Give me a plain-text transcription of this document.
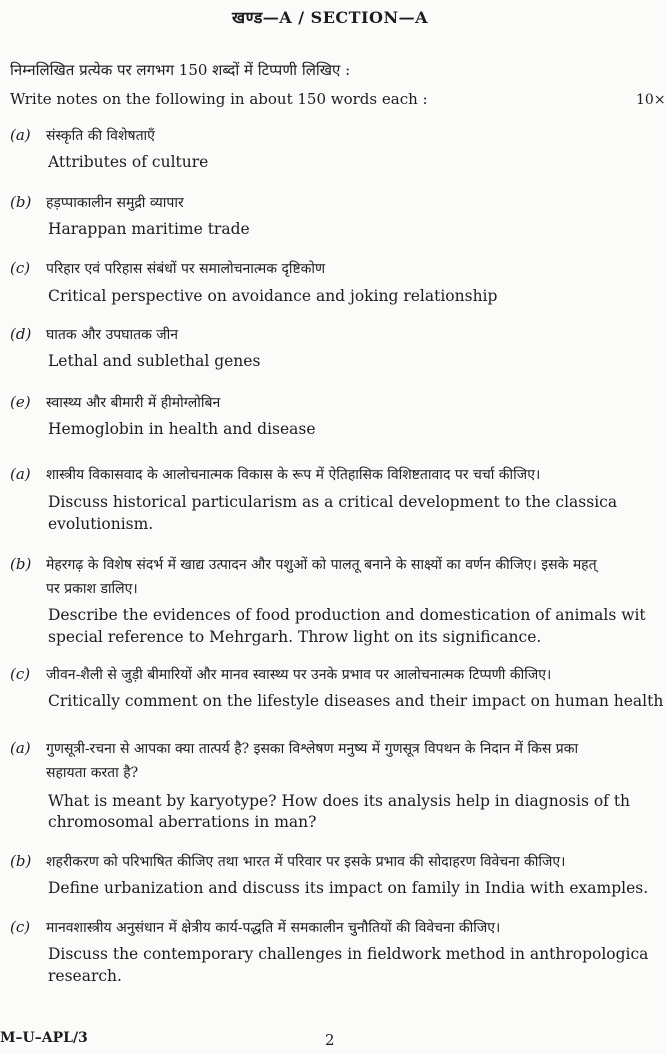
खण्ड—A / SECTION—A
निम्नलिखित प्रत्येक पर लगभग 150 शब्दों में टिप्पणी लिखिए :
Write notes on the following in about 150 words each :	10×
(a) संस्कृति की विशेषताएँ
Attributes of culture
(b) हड़प्पाकालीन समुद्री व्यापार
Harappan maritime trade
(c) परिहार एवं परिहास संबंधों पर समालोचनात्मक दृष्टिकोण
Critical perspective on avoidance and joking relationship
(d) घातक और उपघातक जीन
Lethal and sublethal genes
(e) स्वास्थ्य और बीमारी में हीमोग्लोबिन
Hemoglobin in health and disease
(a) शास्त्रीय विकासवाद के आलोचनात्मक विकास के रूप में ऐतिहासिक विशिष्टतावाद पर चर्चा कीजिए।
Discuss historical particularism as a critical development to the classica
evolutionism.
(b) मेहरगढ़ के विशेष संदर्भ में खाद्य उत्पादन और पशुओं को पालतू बनाने के साक्ष्यों का वर्णन कीजिए। इसके महत्
पर प्रकाश डालिए।
Describe the evidences of food production and domestication of animals wit
special reference to Mehrgarh. Throw light on its significance.
(c) जीवन-शैली से जुड़ी बीमारियों और मानव स्वास्थ्य पर उनके प्रभाव पर आलोचनात्मक टिप्पणी कीजिए।
Critically comment on the lifestyle diseases and their impact on human health
(a) गुणसूत्री-रचना से आपका क्या तात्पर्य है? इसका विश्लेषण मनुष्य में गुणसूत्र विपथन के निदान में किस प्रका
सहायता करता है?
What is meant by karyotype? How does its analysis help in diagnosis of th
chromosomal aberrations in man?
(b) शहरीकरण को परिभाषित कीजिए तथा भारत में परिवार पर इसके प्रभाव की सोदाहरण विवेचना कीजिए।
Define urbanization and discuss its impact on family in India with examples.
(c) मानवशास्त्रीय अनुसंधान में क्षेत्रीय कार्य-पद्धति में समकालीन चुनौतियों की विवेचना कीजिए।
Discuss the contemporary challenges in fieldwork method in anthropologica
research.
M–U–APL/3	2
